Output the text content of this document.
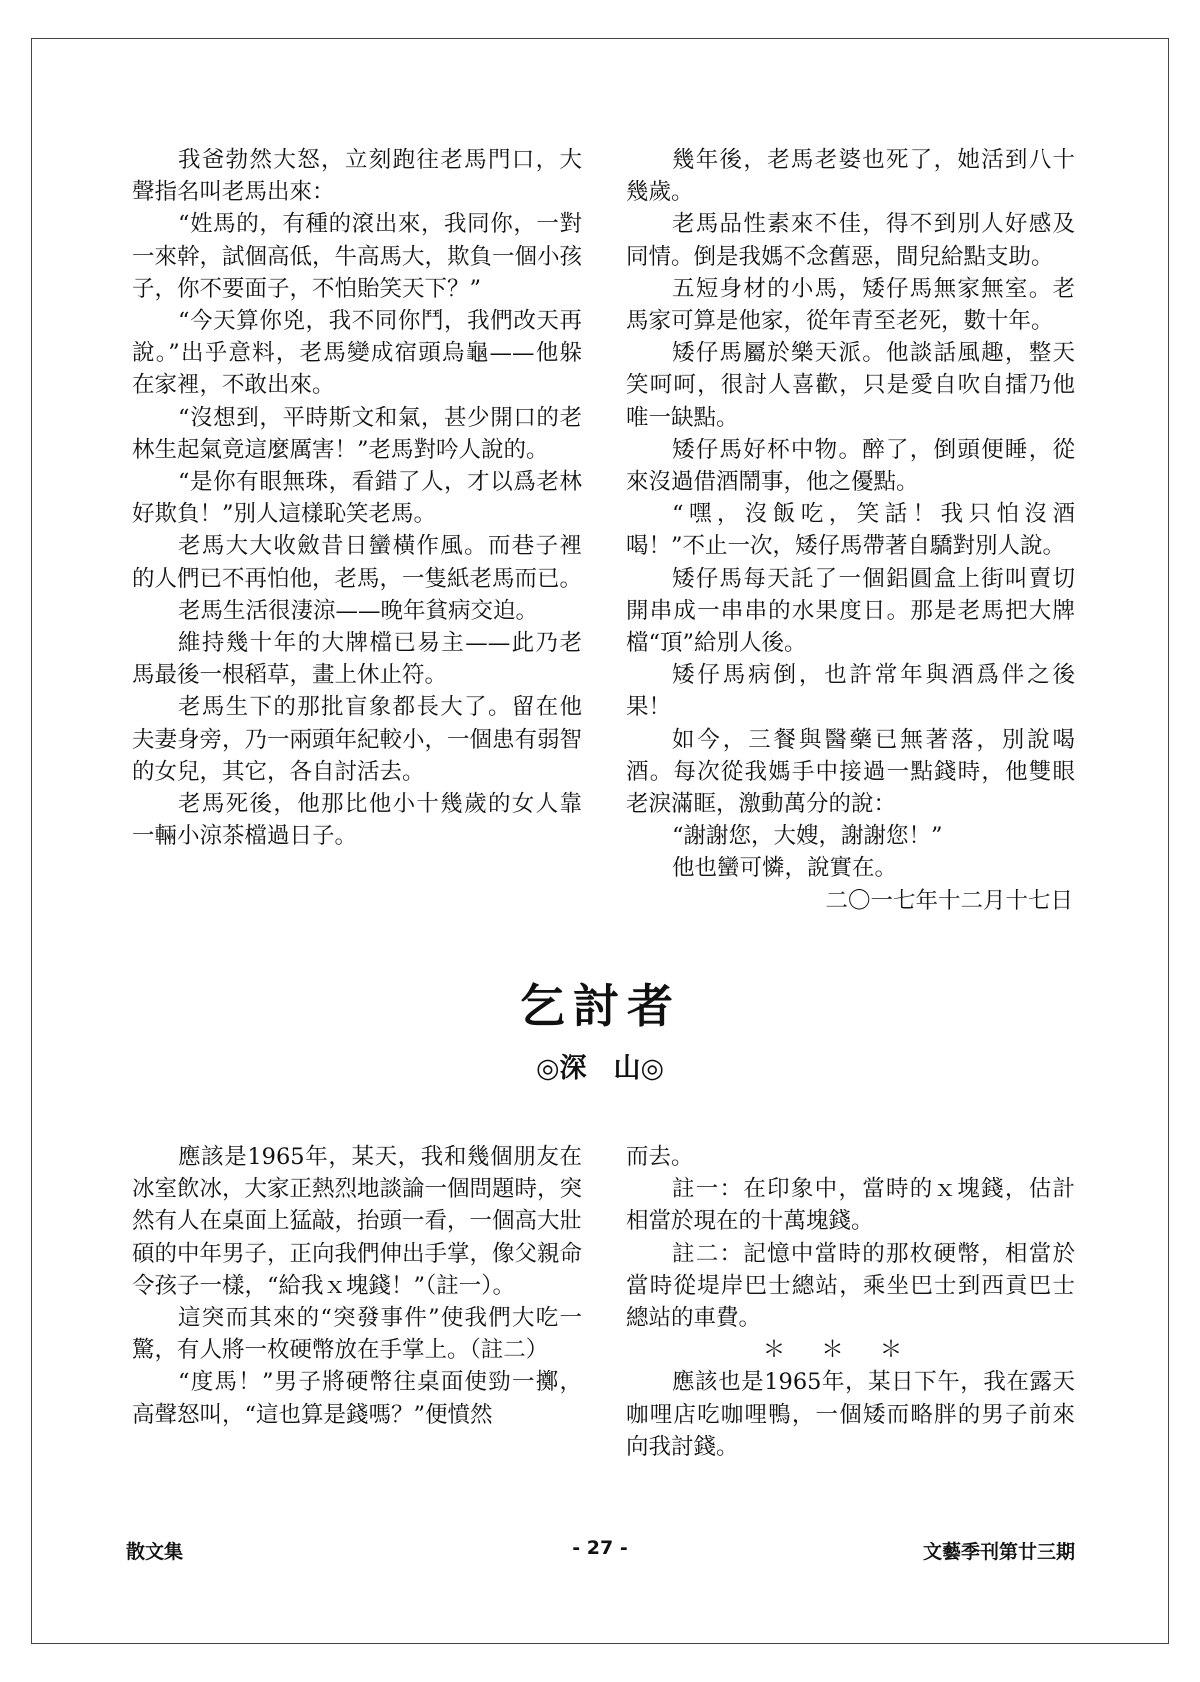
我爸勃然大怒，立刻跑往老馬門口，大聲指名叫老馬出來：

“姓馬的，有種的滾出來，我同你，一對一來幹，試個高低，牛高馬大，欺負一個小孩子，你不要面子，不怕貽笑天下？”

“今天算你兇，我不同你鬥，我們改天再說。”出乎意料，老馬變成宿頭烏龜——他躲在家裡，不敢出來。

“沒想到，平時斯文和氣，甚少開口的老林生起氣竟這麼厲害！”老馬對吟人說的。

“是你有眼無珠，看錯了人，才以爲老林好欺負！”別人這樣恥笑老馬。

老馬大大收斂昔日蠻橫作風。而巷子裡的人們已不再怕他，老馬，一隻紙老馬而已。

老馬生活很淒涼——晚年貧病交迫。

維持幾十年的大牌檔已易主——此乃老馬最後一根稻草，畫上休止符。

老馬生下的那批盲象都長大了。留在他夫妻身旁，乃一兩頭年紀較小，一個患有弱智的女兒，其它，各自討活去。

老馬死後，他那比他小十幾歲的女人靠一輛小涼茶檔過日子。

幾年後，老馬老婆也死了，她活到八十幾歲。

老馬品性素來不佳，得不到別人好感及同情。倒是我媽不念舊惡，間兒給點支助。

五短身材的小馬，矮仔馬無家無室。老馬家可算是他家，從年青至老死，數十年。

矮仔馬屬於樂天派。他談話風趣，整天笑呵呵，很討人喜歡，只是愛自吹自擂乃他唯一缺點。

矮仔馬好杯中物。醉了，倒頭便睡，從來沒過借酒鬧事，他之優點。

“嘿，沒飯吃，笑話！我只怕沒酒喝！”不止一次，矮仔馬帶著自驕對別人說。

矮仔馬每天託了一個鋁圓盒上街叫賣切開串成一串串的水果度日。那是老馬把大牌檔“頂”給別人後。

矮仔馬病倒，也許常年與酒爲伴之後果！

如今，三餐與醫藥已無著落，別說喝酒。每次從我媽手中接過一點錢時，他雙眼老淚滿眶，激動萬分的說：

“謝謝您，大嫂，謝謝您！”

他也蠻可憐，說實在。

二〇一七年十二月十七日

乞討者
◎深　山◎

應該是1965年，某天，我和幾個朋友在冰室飲冰，大家正熱烈地談論一個問題時，突然有人在桌面上猛敲，抬頭一看，一個高大壯碩的中年男子，正向我們伸出手掌，像父親命令孩子一樣，“給我ｘ塊錢！”（註一）。

這突而其來的“突發事件”使我們大吃一驚，有人將一枚硬幣放在手掌上。（註二）

“度馬！”男子將硬幣往桌面使勁一擲，高聲怒叫，“這也算是錢嗎？”便憤然

而去。

註一：在印象中，當時的ｘ塊錢，估計相當於現在的十萬塊錢。

註二：記憶中當時的那枚硬幣，相當於當時從堤岸巴士總站，乘坐巴士到西貢巴士總站的車費。

＊＊＊

應該也是1965年，某日下午，我在露天咖哩店吃咖哩鴨，一個矮而略胖的男子前來向我討錢。

散文集	- 27 -	文藝季刊第廿三期
